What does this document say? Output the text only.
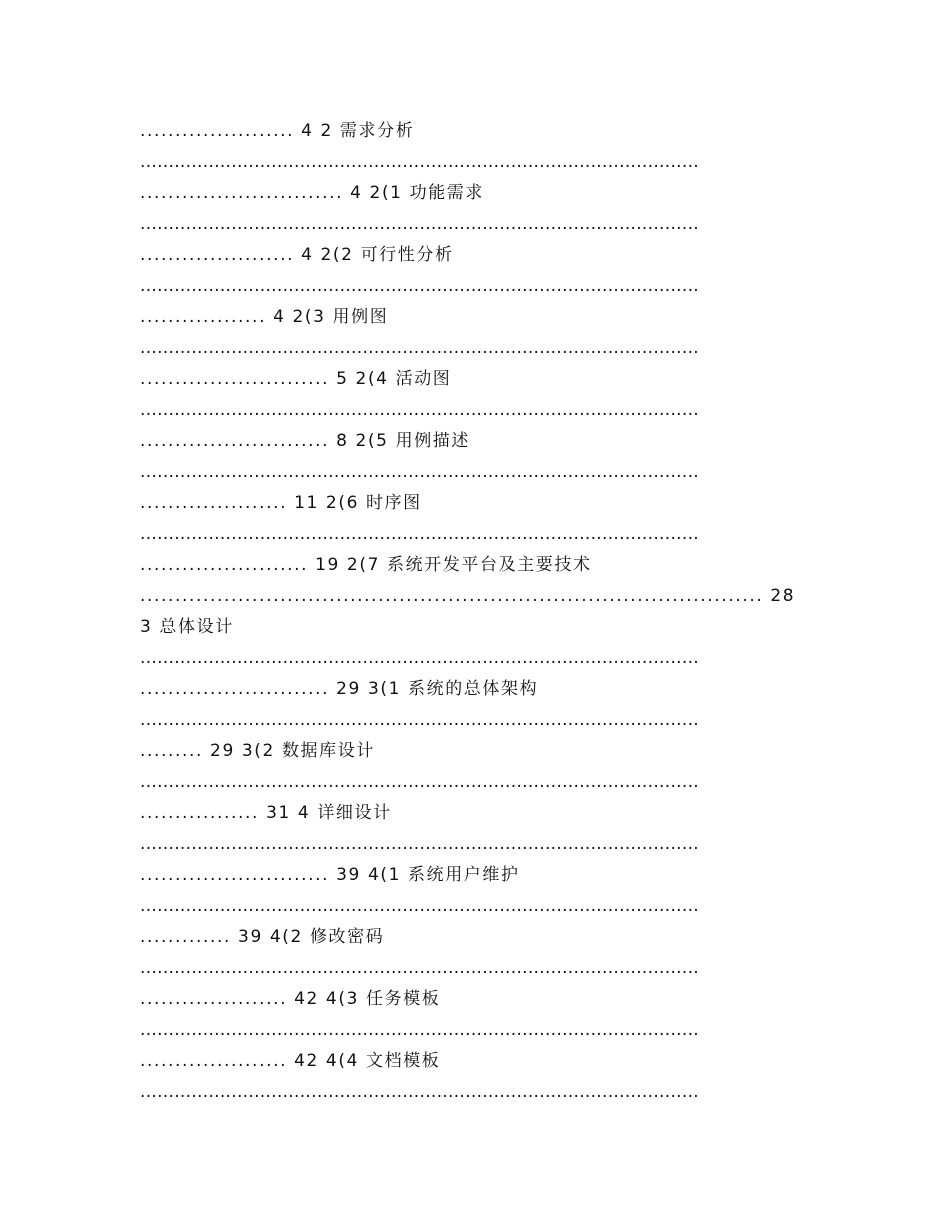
...................... 4 2 需求分析
..................................................................................................
............................. 4 2(1 功能需求
..................................................................................................
...................... 4 2(2 可行性分析
..................................................................................................
.................. 4 2(3 用例图
..................................................................................................
........................... 5 2(4 活动图
..................................................................................................
........................... 8 2(5 用例描述
..................................................................................................
..................... 11 2(6 时序图
..................................................................................................
........................ 19 2(7 系统开发平台及主要技术
......................................................................................... 28
3 总体设计
..................................................................................................
........................... 29 3(1 系统的总体架构
..................................................................................................
......... 29 3(2 数据库设计
..................................................................................................
................. 31 4 详细设计
..................................................................................................
........................... 39 4(1 系统用户维护
..................................................................................................
............. 39 4(2 修改密码
..................................................................................................
..................... 42 4(3 任务模板
..................................................................................................
..................... 42 4(4 文档模板
..................................................................................................
